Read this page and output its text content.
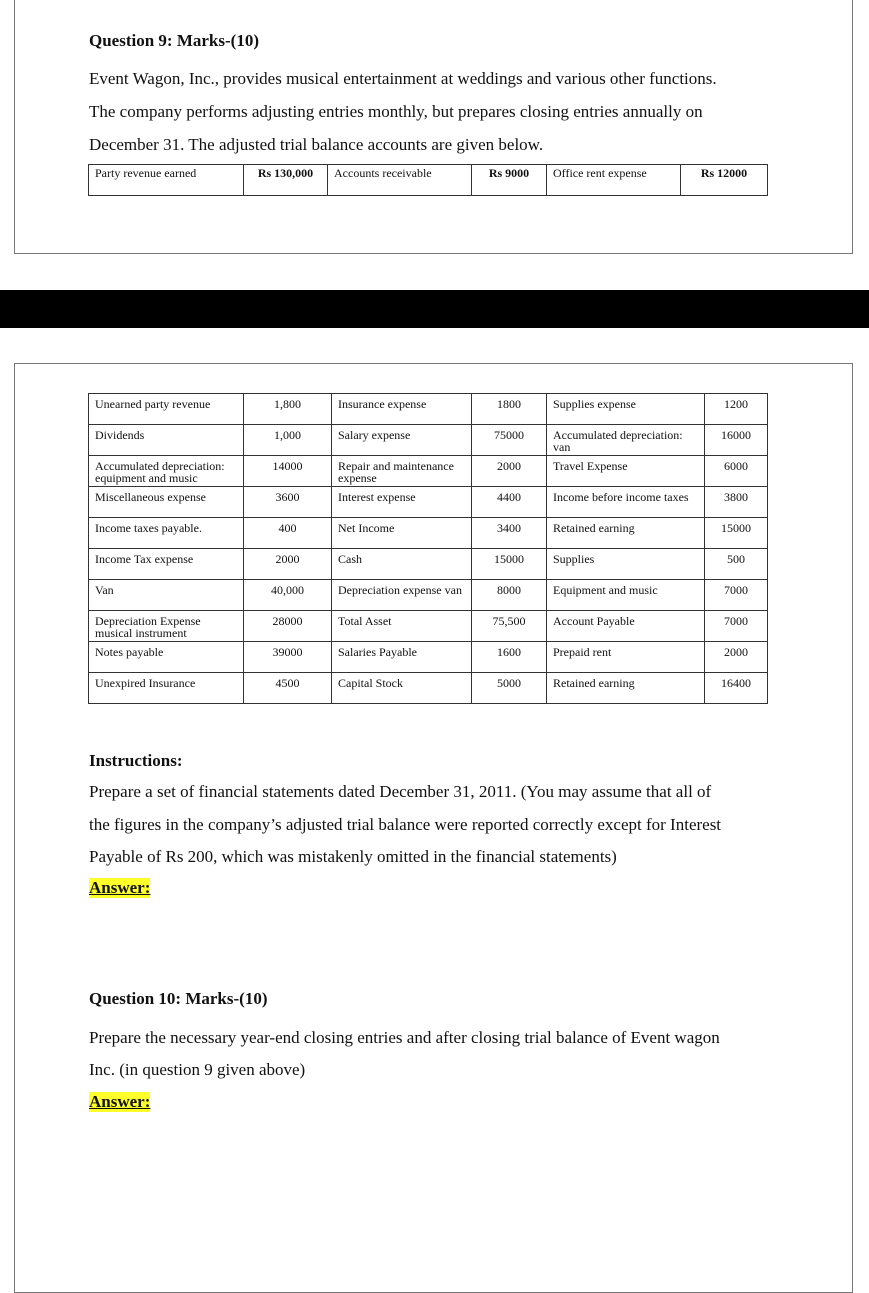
Question 9: Marks-(10)
Event Wagon, Inc., provides musical entertainment at weddings and various other functions.
The company performs adjusting entries monthly, but prepares closing entries annually on
December 31. The adjusted trial balance accounts are given below.
Party revenue earned	Rs 130,000	Accounts receivable	Rs 9000	Office rent expense	Rs 12000
Unearned party revenue	1,800	Insurance expense	1800	Supplies expense	1200
Dividends	1,000	Salary expense	75000	Accumulated depreciation: van	16000
Accumulated depreciation: equipment and music	14000	Repair and maintenance expense	2000	Travel Expense	6000
Miscellaneous expense	3600	Interest expense	4400	Income before income taxes	3800
Income taxes payable.	400	Net Income	3400	Retained earning	15000
Income Tax expense	2000	Cash	15000	Supplies	500
Van	40,000	Depreciation expense van	8000	Equipment and music	7000
Depreciation Expense musical instrument	28000	Total Asset	75,500	Account Payable	7000
Notes payable	39000	Salaries Payable	1600	Prepaid rent	2000
Unexpired Insurance	4500	Capital Stock	5000	Retained earning	16400
Instructions:
Prepare a set of financial statements dated December 31, 2011. (You may assume that all of
the figures in the company’s adjusted trial balance were reported correctly except for Interest
Payable of Rs 200, which was mistakenly omitted in the financial statements)
Answer:
Question 10: Marks-(10)
Prepare the necessary year-end closing entries and after closing trial balance of Event wagon
Inc. (in question 9 given above)
Answer:
